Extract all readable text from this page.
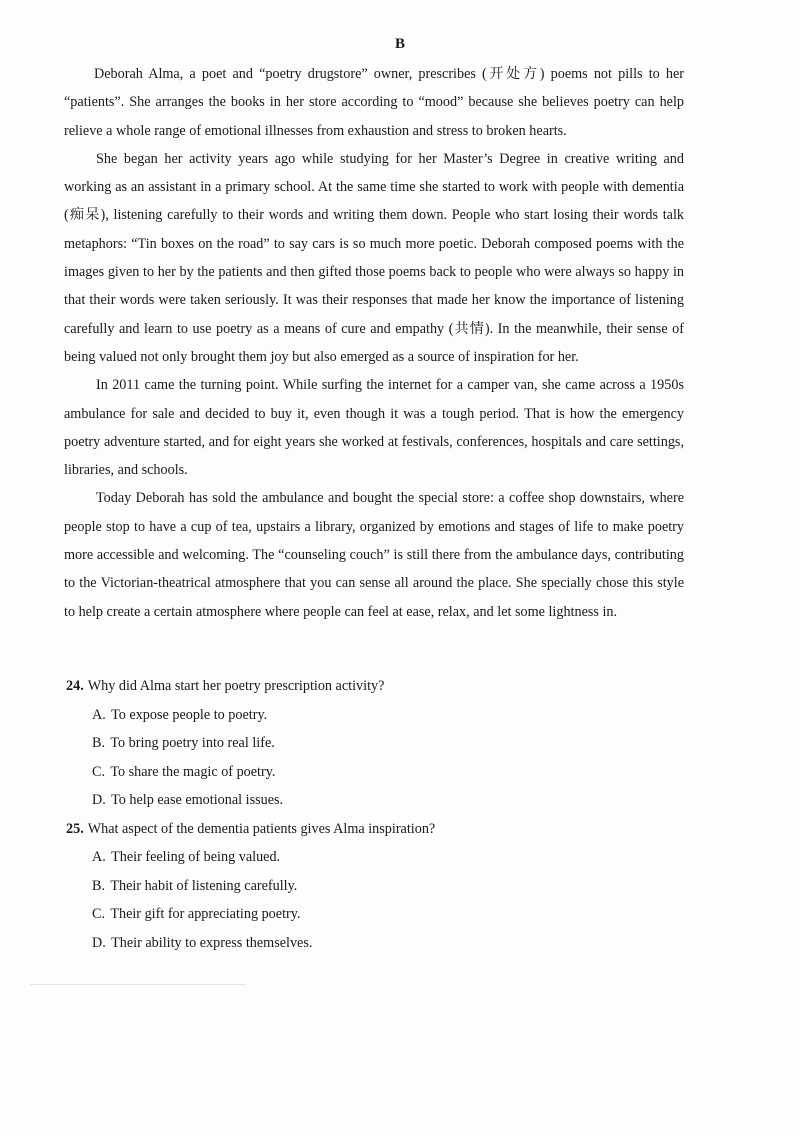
B

Deborah Alma, a poet and “poetry drugstore” owner, prescribes (开处方) poems not pills to her “patients”. She arranges the books in her store according to “mood” because she believes poetry can help relieve a whole range of emotional illnesses from exhaustion and stress to broken hearts.

She began her activity years ago while studying for her Master’s Degree in creative writing and working as an assistant in a primary school. At the same time she started to work with people with dementia (痴呆), listening carefully to their words and writing them down. People who start losing their words talk metaphors: “Tin boxes on the road” to say cars is so much more poetic. Deborah composed poems with the images given to her by the patients and then gifted those poems back to people who were always so happy in that their words were taken seriously. It was their responses that made her know the importance of listening carefully and learn to use poetry as a means of cure and empathy (共情). In the meanwhile, their sense of being valued not only brought them joy but also emerged as a source of inspiration for her.

In 2011 came the turning point. While surfing the internet for a camper van, she came across a 1950s ambulance for sale and decided to buy it, even though it was a tough period. That is how the emergency poetry adventure started, and for eight years she worked at festivals, conferences, hospitals and care settings, libraries, and schools.

Today Deborah has sold the ambulance and bought the special store: a coffee shop downstairs, where people stop to have a cup of tea, upstairs a library, organized by emotions and stages of life to make poetry more accessible and welcoming. The “counseling couch” is still there from the ambulance days, contributing to the Victorian-theatrical atmosphere that you can sense all around the place. She specially chose this style to help create a certain atmosphere where people can feel at ease, relax, and let some lightness in.

24. Why did Alma start her poetry prescription activity?
A. To expose people to poetry.
B. To bring poetry into real life.
C. To share the magic of poetry.
D. To help ease emotional issues.
25. What aspect of the dementia patients gives Alma inspiration?
A. Their feeling of being valued.
B. Their habit of listening carefully.
C. Their gift for appreciating poetry.
D. Their ability to express themselves.
